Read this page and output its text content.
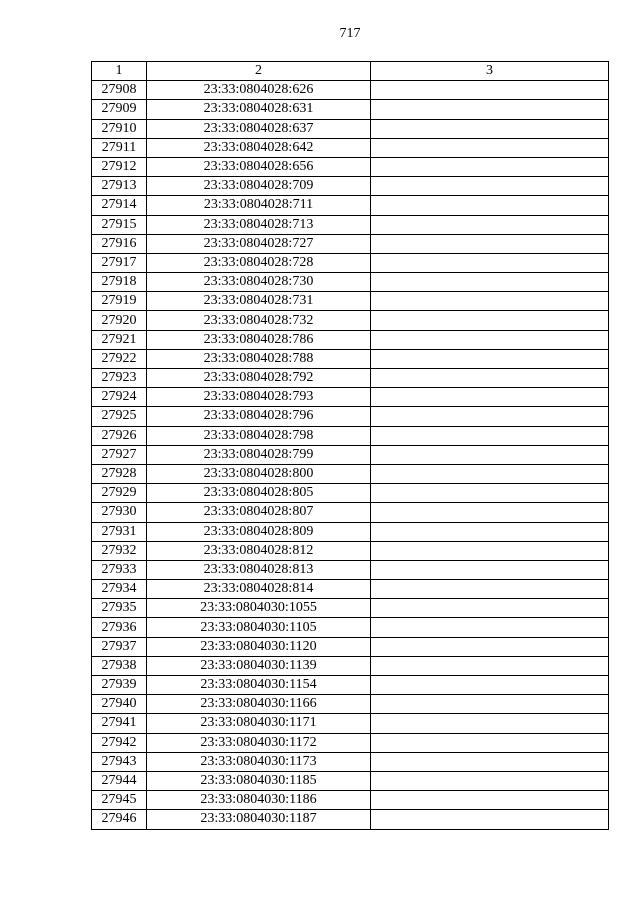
717
1	2	3
27908	23:33:0804028:626	
27909	23:33:0804028:631	
27910	23:33:0804028:637	
27911	23:33:0804028:642	
27912	23:33:0804028:656	
27913	23:33:0804028:709	
27914	23:33:0804028:711	
27915	23:33:0804028:713	
27916	23:33:0804028:727	
27917	23:33:0804028:728	
27918	23:33:0804028:730	
27919	23:33:0804028:731	
27920	23:33:0804028:732	
27921	23:33:0804028:786	
27922	23:33:0804028:788	
27923	23:33:0804028:792	
27924	23:33:0804028:793	
27925	23:33:0804028:796	
27926	23:33:0804028:798	
27927	23:33:0804028:799	
27928	23:33:0804028:800	
27929	23:33:0804028:805	
27930	23:33:0804028:807	
27931	23:33:0804028:809	
27932	23:33:0804028:812	
27933	23:33:0804028:813	
27934	23:33:0804028:814	
27935	23:33:0804030:1055	
27936	23:33:0804030:1105	
27937	23:33:0804030:1120	
27938	23:33:0804030:1139	
27939	23:33:0804030:1154	
27940	23:33:0804030:1166	
27941	23:33:0804030:1171	
27942	23:33:0804030:1172	
27943	23:33:0804030:1173	
27944	23:33:0804030:1185	
27945	23:33:0804030:1186	
27946	23:33:0804030:1187	
